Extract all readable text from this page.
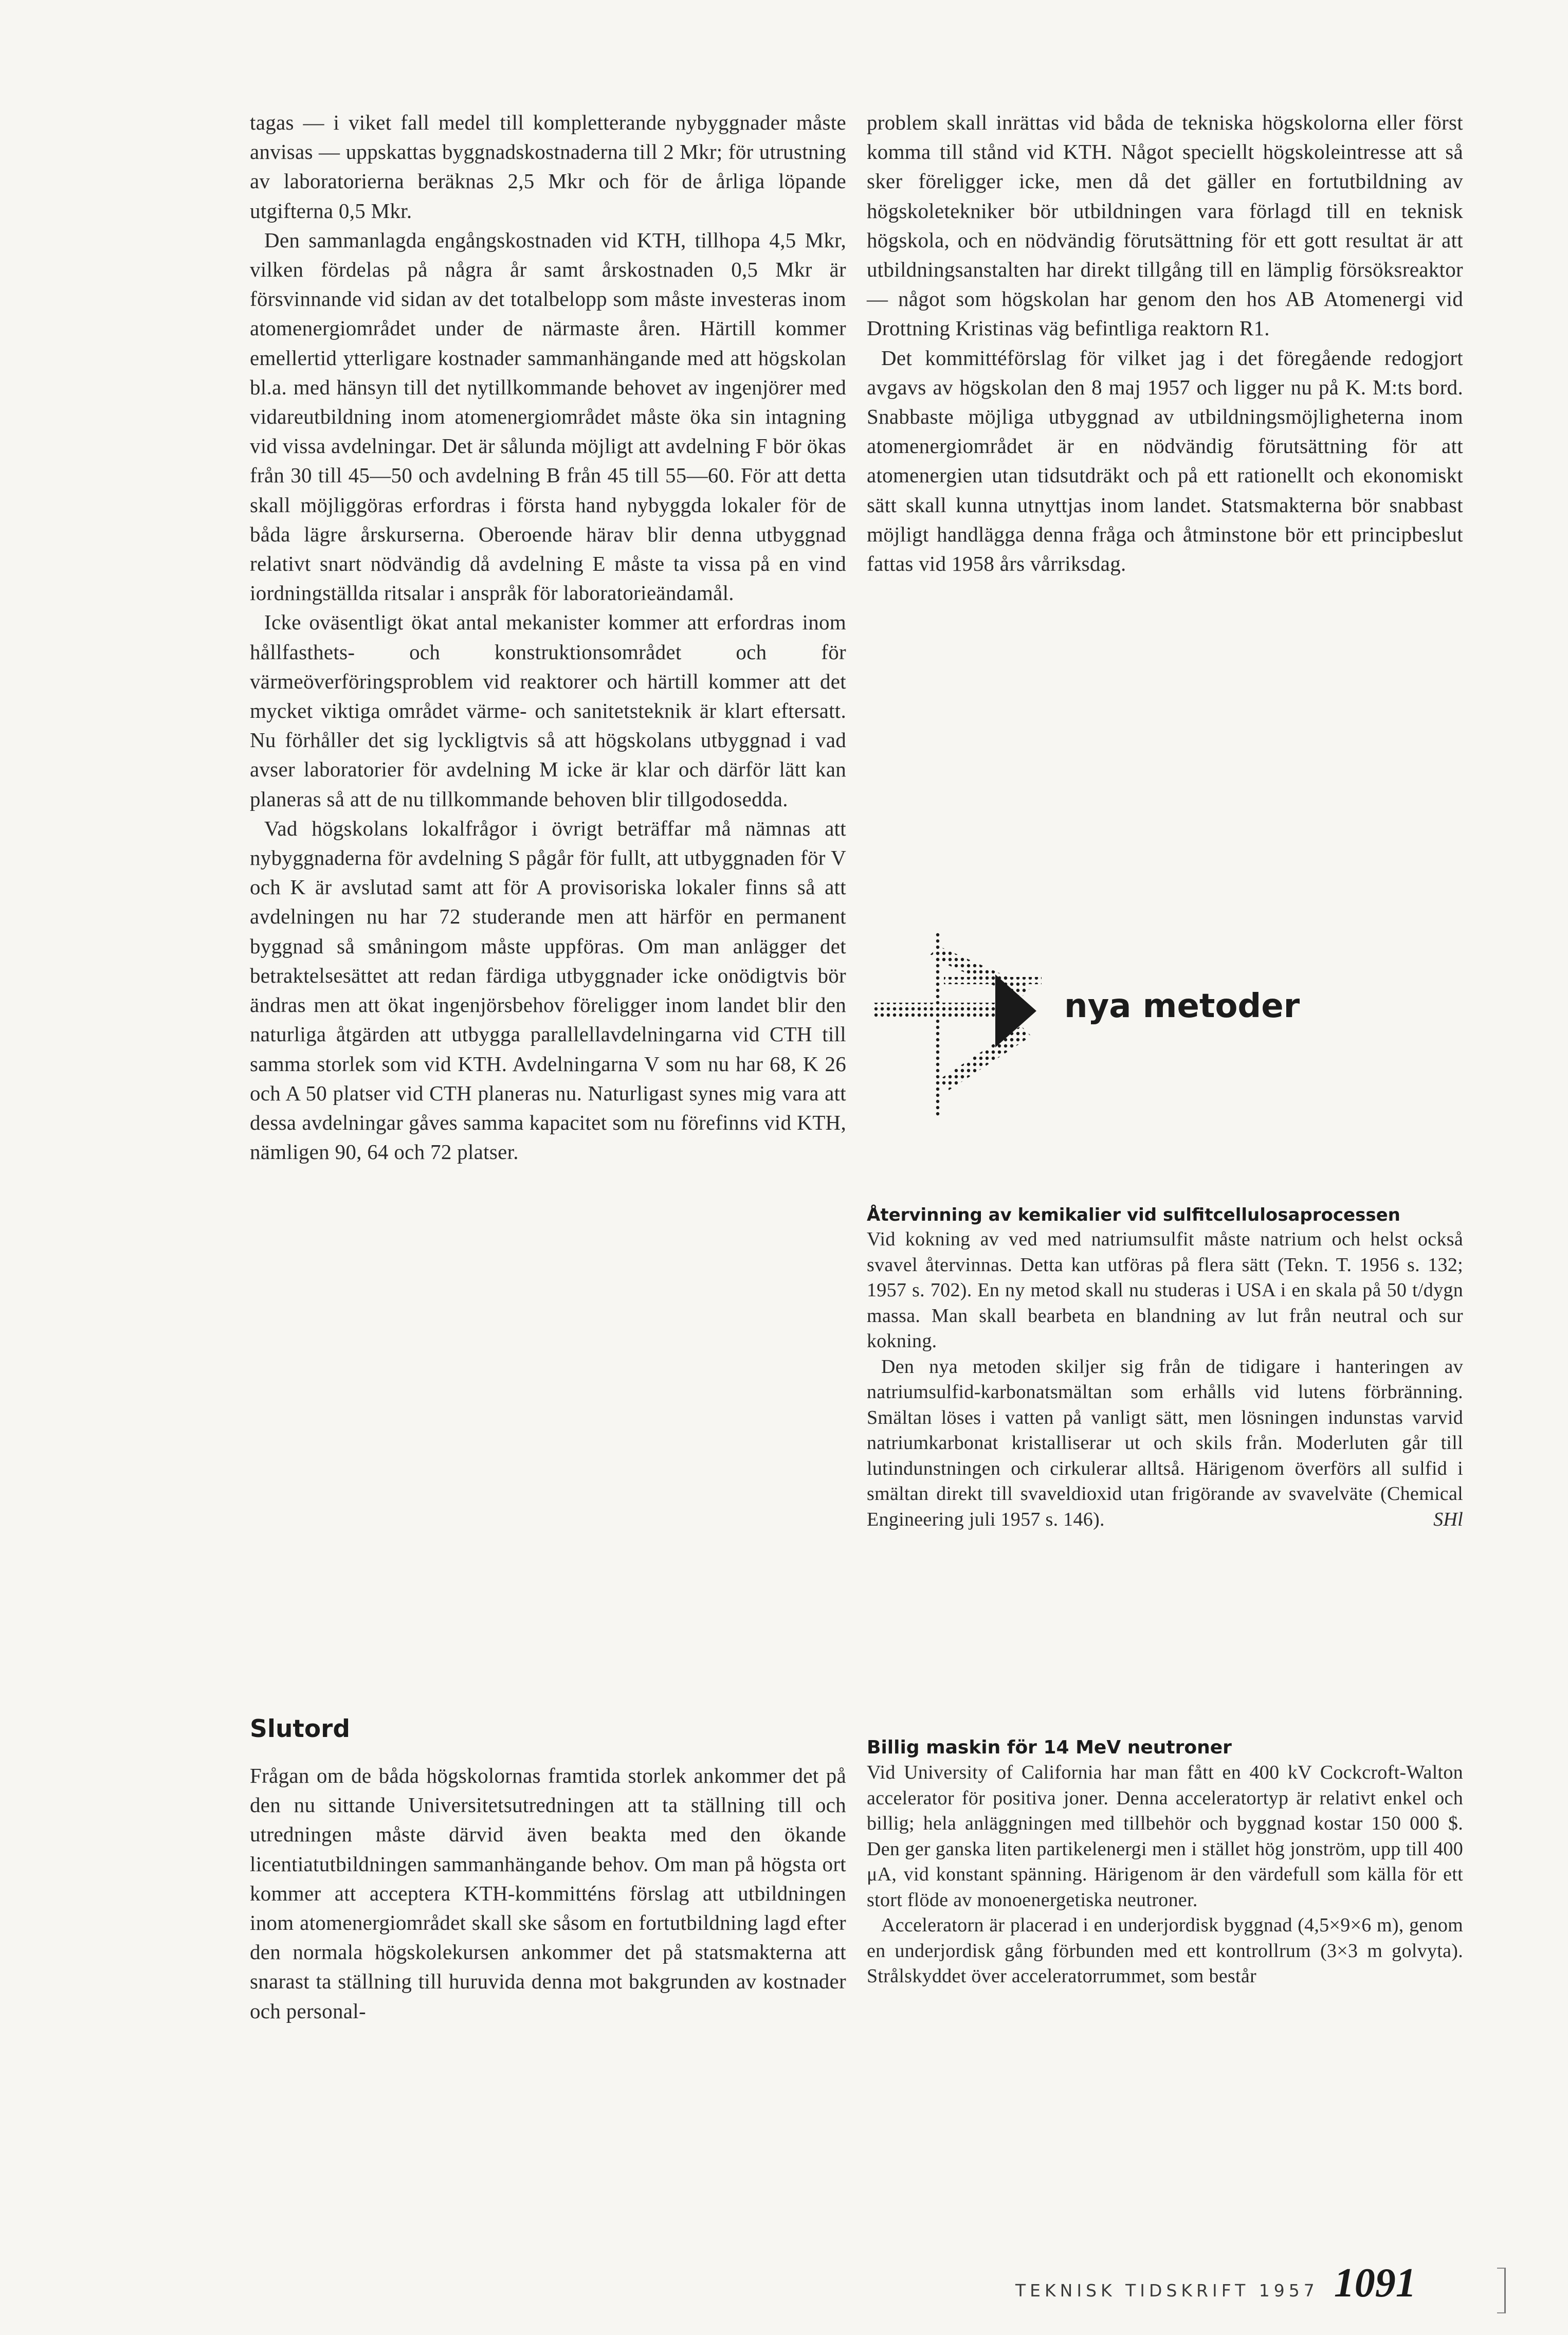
tagas — i viket fall medel till kompletterande nybyggnader måste anvisas — uppskattas byggnadskostnaderna till 2 Mkr; för utrustning av laboratorierna beräknas 2,5 Mkr och för de årliga löpande utgifterna 0,5 Mkr.

Den sammanlagda engångskostnaden vid KTH, tillhopa 4,5 Mkr, vilken fördelas på några år samt årskostnaden 0,5 Mkr är försvinnande vid sidan av det totalbelopp som måste investeras inom atomenergiområdet under de närmaste åren. Härtill kommer emellertid ytterligare kostnader sammanhängande med att högskolan bl.a. med hänsyn till det nytillkommande behovet av ingenjörer med vidareutbildning inom atomenergiområdet måste öka sin intagning vid vissa avdelningar. Det är sålunda möjligt att avdelning F bör ökas från 30 till 45—50 och avdelning B från 45 till 55—60. För att detta skall möjliggöras erfordras i första hand nybyggda lokaler för de båda lägre årskurserna. Oberoende härav blir denna utbyggnad relativt snart nödvändig då avdelning E måste ta vissa på en vind iordningställda ritsalar i anspråk för laboratorieändamål.

Icke oväsentligt ökat antal mekanister kommer att erfordras inom hållfasthets- och konstruktionsområdet och för värmeöverföringsproblem vid reaktorer och härtill kommer att det mycket viktiga området värme- och sanitetsteknik är klart eftersatt. Nu förhåller det sig lyckligtvis så att högskolans utbyggnad i vad avser laboratorier för avdelning M icke är klar och därför lätt kan planeras så att de nu tillkommande behoven blir tillgodosedda.

Vad högskolans lokalfrågor i övrigt beträffar må nämnas att nybyggnaderna för avdelning S pågår för fullt, att utbyggnaden för V och K är avslutad samt att för A provisoriska lokaler finns så att avdelningen nu har 72 studerande men att härför en permanent byggnad så småningom måste uppföras. Om man anlägger det betraktelsesättet att redan färdiga utbyggnader icke onödigtvis bör ändras men att ökat ingenjörsbehov föreligger inom landet blir den naturliga åtgärden att utbygga parallellavdelningarna vid CTH till samma storlek som vid KTH. Avdelningarna V som nu har 68, K 26 och A 50 platser vid CTH planeras nu. Naturligast synes mig vara att dessa avdelningar gåves samma kapacitet som nu förefinns vid KTH, nämligen 90, 64 och 72 platser.

Slutord

Frågan om de båda högskolornas framtida storlek ankommer det på den nu sittande Universitetsutredningen att ta ställning till och utredningen måste därvid även beakta med den ökande licentiatutbildningen sammanhängande behov. Om man på högsta ort kommer att acceptera KTH-kommitténs förslag att utbildningen inom atomenergiområdet skall ske såsom en fortutbildning lagd efter den normala högskolekursen ankommer det på statsmakterna att snarast ta ställning till huruvida denna mot bakgrunden av kostnader och personal-

problem skall inrättas vid båda de tekniska högskolorna eller först komma till stånd vid KTH. Något speciellt högskoleintresse att så sker föreligger icke, men då det gäller en fortutbildning av högskoletekniker bör utbildningen vara förlagd till en teknisk högskola, och en nödvändig förutsättning för ett gott resultat är att utbildningsanstalten har direkt tillgång till en lämplig försöksreaktor — något som högskolan har genom den hos AB Atomenergi vid Drottning Kristinas väg befintliga reaktorn R1.

Det kommittéförslag för vilket jag i det föregående redogjort avgavs av högskolan den 8 maj 1957 och ligger nu på K. M:ts bord. Snabbaste möjliga utbyggnad av utbildningsmöjligheterna inom atomenergiområdet är en nödvändig förutsättning för att atomenergien utan tidsutdräkt och på ett rationellt och ekonomiskt sätt skall kunna utnyttjas inom landet. Statsmakterna bör snabbast möjligt handlägga denna fråga och åtminstone bör ett principbeslut fattas vid 1958 års vårriksdag.

nya metoder
Återvinning av kemikalier vid sulfitcellulosaprocessen

Vid kokning av ved med natriumsulfit måste natrium och helst också svavel återvinnas. Detta kan utföras på flera sätt (Tekn. T. 1956 s. 132; 1957 s. 702). En ny metod skall nu studeras i USA i en skala på 50 t/dygn massa. Man skall bearbeta en blandning av lut från neutral och sur kokning.

Den nya metoden skiljer sig från de tidigare i hanteringen av natriumsulfid-karbonatsmältan som erhålls vid lutens förbränning. Smältan löses i vatten på vanligt sätt, men lösningen indunstas varvid natriumkarbonat kristalliserar ut och skils från. Moderluten går till lutindunstningen och cirkulerar alltså. Härigenom överförs all sulfid i smältan direkt till svaveldioxid utan frigörande av svavelväte (Chemical Engineering juli 1957 s. 146).	SHl

Billig maskin för 14 MeV neutroner

Vid University of California har man fått en 400 kV Cockcroft-Walton accelerator för positiva joner. Denna acceleratortyp är relativt enkel och billig; hela anläggningen med tillbehör och byggnad kostar 150 000 $. Den ger ganska liten partikelenergi men i stället hög jonström, upp till 400 μA, vid konstant spänning. Härigenom är den värdefull som källa för ett stort flöde av monoenergetiska neutroner.

Acceleratorn är placerad i en underjordisk byggnad (4,5×9×6 m), genom en underjordisk gång förbunden med ett kontrollrum (3×3 m golvyta). Strålskyddet över acceleratorrummet, som består

TEKNISK TIDSKRIFT 1957 1091
